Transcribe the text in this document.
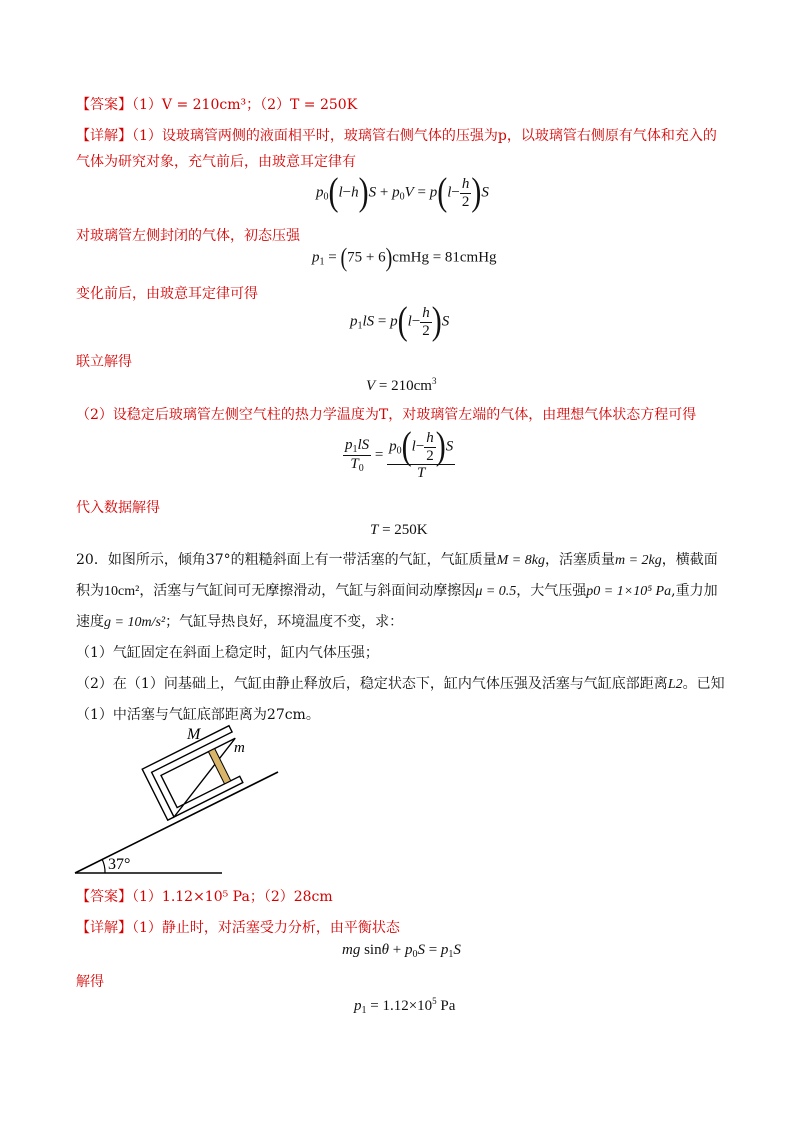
【答案】（1）V = 210cm³；（2）T = 250K
【详解】（1）设玻璃管两侧的液面相平时，玻璃管右侧气体的压强为p，以玻璃管右侧原有气体和充入的
气体为研究对象，充气前后，由玻意耳定律有
$p_0(l-h)S + p_0V = p(l- \frac{h}{2} )S$
对玻璃管左侧封闭的气体，初态压强
$p_1 = (75$ + 6)cmHg = 81cmHg
变化前后，由玻意耳定律可得
$p_1lS = p(l- \frac{h}{2} )S$
联立解得
$V = 210cm^3$
（2）设稳定后玻璃管左侧空气柱的热力学温度为T，对玻璃管左端的气体，由理想气体状态方程可得
$\frac{p_1lS}{T_0} = \frac{p_0(l- \frac{h}{2} )S}{T}$
代入数据解得
T = 250K
20．如图所示，倾角37°的粗糙斜面上有一带活塞的气缸，气缸质量M = 8kg，活塞质量m = 2kg，横截面
积为10cm²，活塞与气缸间可无摩擦滑动，气缸与斜面间动摩擦因μ = 0.5，大气压强p0 = 1×10⁵ Pa,重力加
速度g = 10m/s²；气缸导热良好，环境温度不变，求：
（1）气缸固定在斜面上稳定时，缸内气体压强；
（2）在（1）问基础上，气缸由静止释放后，稳定状态下，缸内气体压强及活塞与气缸底部距离L2。已知
（1）中活塞与气缸底部距离为27cm。
37°
M
m
【答案】（1）1.12×10⁵ Pa；（2）28cm
【详解】（1）静止时，对活塞受力分析，由平衡状态
mg $\sin\theta + p_0S = p_1S$
解得
$p_1 = 1.12\times 10^5$ Pa
